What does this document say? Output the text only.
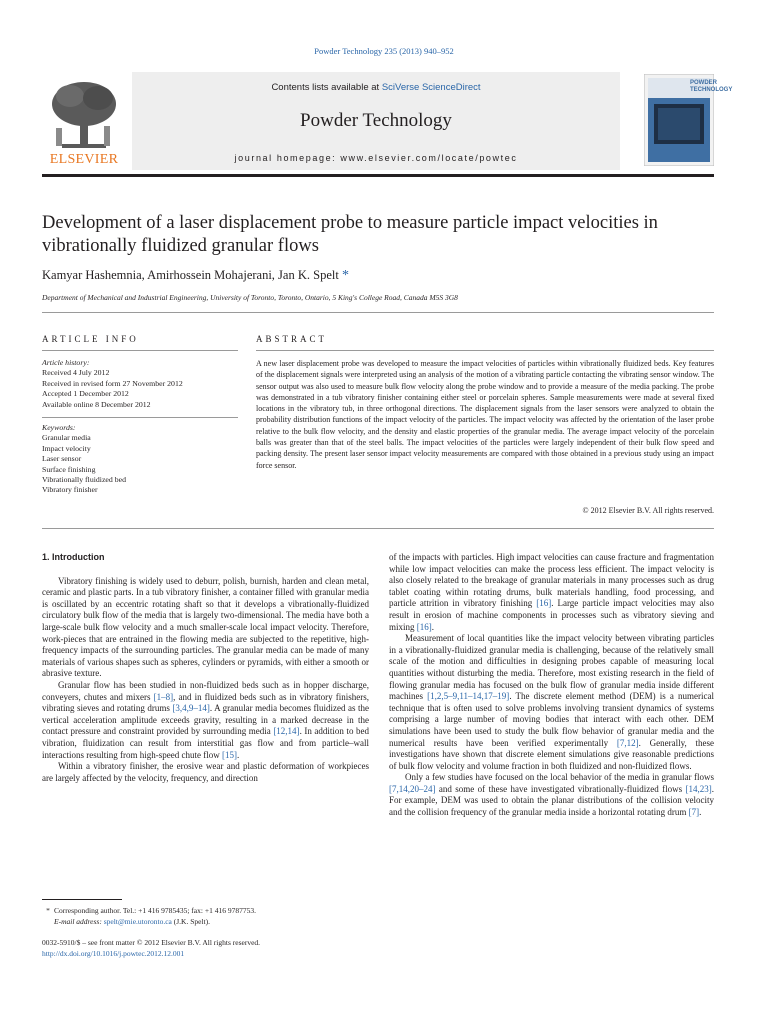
Powder Technology 235 (2013) 940–952
ELSEVIER
Contents lists available at SciVerse ScienceDirect
Powder Technology
journal homepage: www.elsevier.com/locate/powtec
POWDER TECHNOLOGY
Development of a laser displacement probe to measure particle impact velocities in vibrationally fluidized granular flows
Kamyar Hashemnia, Amirhossein Mohajerani, Jan K. Spelt *
Department of Mechanical and Industrial Engineering, University of Toronto, Toronto, Ontario, 5 King's College Road, Canada M5S 3G8
ARTICLE INFO	ABSTRACT
Article history:
Received 4 July 2012
Received in revised form 27 November 2012
Accepted 1 December 2012
Available online 8 December 2012
Keywords:
Granular media
Impact velocity
Laser sensor
Surface finishing
Vibrationally fluidized bed
Vibratory finisher

A new laser displacement probe was developed to measure the impact velocities of particles within vibrationally fluidized beds. Key features of the displacement signals were interpreted using an analysis of the motion of a vibrating particle contacting the vibrating sensor window. The sensor output was also used to measure bulk flow velocity along the probe window and to provide a measure of the media packing. The probe was demonstrated in a tub vibratory finisher containing either steel or porcelain spheres. Sample measurements were made at several fixed locations in the vibratory tub, in three orthogonal directions. The displacement signals from the laser sensors were analyzed to obtain the probability distribution functions of the impact velocity of the particles. The impact velocity was affected by the orientation of the laser probe relative to the bulk flow velocity, and the density and elastic properties of the granular media. The average impact velocity of the porcelain balls was greater than that of the steel balls. The impact velocities of the particles were largely independent of their bulk flow speed and packing density. The present laser sensor impact velocity measurements are compared with those obtained in a previous study using an impact force sensor.

© 2012 Elsevier B.V. All rights reserved.
1. Introduction

Vibratory finishing is widely used to deburr, polish, burnish, harden and clean metal, ceramic and plastic parts. In a tub vibratory finisher, a container filled with granular media is oscillated by an eccentric rotating shaft so that it develops a vibrationally-fluidized circulatory bulk flow of the media that is largely two-dimensional. The media have both a large-scale bulk flow velocity and a much smaller-scale local impact velocity. Therefore, work-pieces that are entrained in the flowing media are subjected to the repetitive, high-frequency impacts of the surrounding particles. The granular media can be made of many materials of various shapes such as spheres, cylinders or pyramids, with either a smooth or abrasive texture.

Granular flow has been studied in non-fluidized beds such as in hopper discharge, conveyers, chutes and mixers [1–8], and in fluidized beds such as in vibratory finishers, vibrating sieves and rotating drums [3,4,9–14]. A granular media becomes fluidized as the vertical acceleration amplitude exceeds gravity, resulting in a marked decrease in the contact pressure and constraint provided by surrounding media [12,14]. In addition to bed vibration, fluidization can result from interstitial gas flow and from particle–wall interactions resulting from high-speed chute flow [15].

Within a vibratory finisher, the erosive wear and plastic deformation of workpieces are largely affected by the velocity, frequency, and direction

of the impacts with particles. High impact velocities can cause fracture and fragmentation while low impact velocities can make the process less efficient. The impact velocity is also closely related to the breakage of granular materials in many processes such as drug tablet coating within rotating drums, bulk materials handling, food processing, and particle attrition in vibratory finishing [16]. Large particle impact velocities may also result in erosion of machine components in processes such as vibratory sieving and mixing [16].

Measurement of local quantities like the impact velocity between vibrating particles in a vibrationally-fluidized granular media is challenging, because of the relatively small scale of the motion and difficulties in designing probes capable of measuring local quantities without disturbing the media. Therefore, most existing research in the field of flowing granular media has focused on the bulk flow of granular media inside different machines [1,2,5–9,11–14,17–19]. The discrete element method (DEM) is a numerical technique that is often used to solve problems involving transient dynamics of systems comprising a large number of moving bodies that interact with each other. DEM simulations have been used to study the bulk flow behavior of granular media and the numerical results have been verified experimentally [7,12]. Generally, these investigations have shown that discrete element simulations give reasonable predictions of bulk flow velocity and volume fraction in both fluidized and non-fluidized flows.

Only a few studies have focused on the local behavior of the media in granular flows [7,14,20–24] and some of these have investigated vibrationally-fluidized flows [14,23]. For example, DEM was used to obtain the planar distributions of the collision velocity and the collision frequency of the granular media inside a horizontal rotating drum [7].

* Corresponding author. Tel.: +1 416 9785435; fax: +1 416 9787753.
E-mail address: spelt@mie.utoronto.ca (J.K. Spelt).
0032-5910/$ – see front matter © 2012 Elsevier B.V. All rights reserved.
http://dx.doi.org/10.1016/j.powtec.2012.12.001
